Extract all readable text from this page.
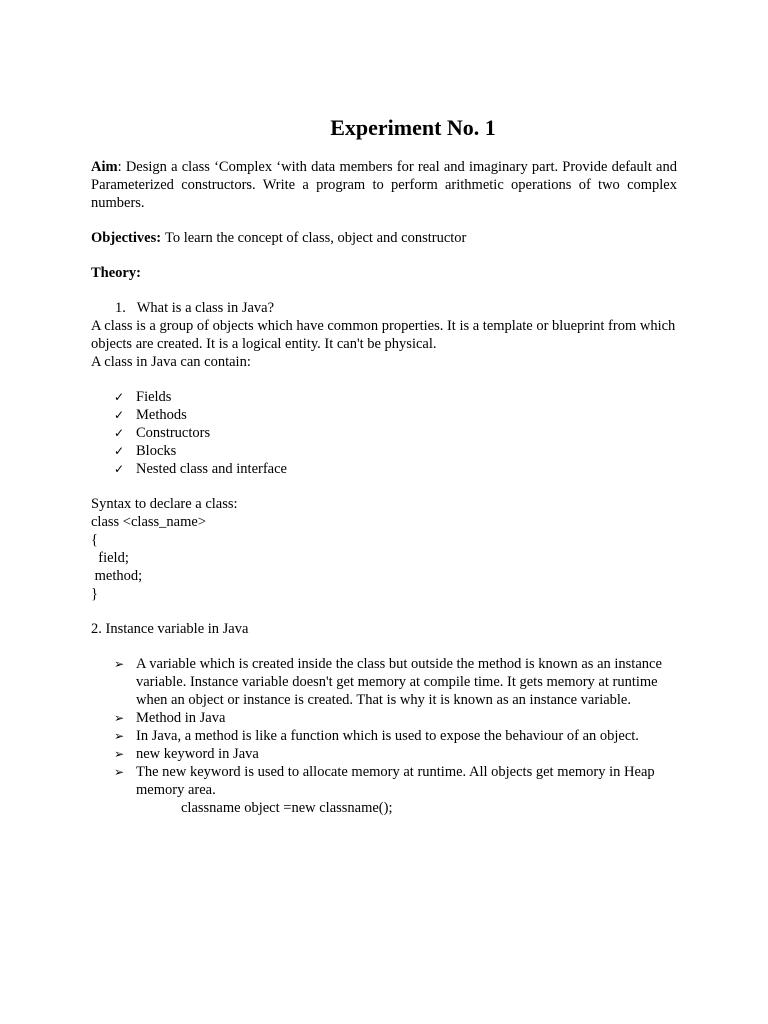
Experiment No. 1

Aim: Design a class ‘Complex ‘with data members for real and imaginary part. Provide default and Parameterized constructors. Write a program to perform arithmetic operations of two complex numbers.

Objectives: To learn the concept of class, object and constructor

Theory:

1. What is a class in Java?

A class is a group of objects which have common properties. It is a template or blueprint from which objects are created. It is a logical entity. It can't be physical.

A class in Java can contain:

✓ Fields
✓ Methods
✓ Constructors
✓ Blocks
✓ Nested class and interface

Syntax to declare a class:

class <class_name>

{

field;

method;

}

2. Instance variable in Java

➢ A variable which is created inside the class but outside the method is known as an instance variable. Instance variable doesn't get memory at compile time. It gets memory at runtime when an object or instance is created. That is why it is known as an instance variable.
➢ Method in Java
➢ In Java, a method is like a function which is used to expose the behaviour of an object.
➢ new keyword in Java
➢ The new keyword is used to allocate memory at runtime. All objects get memory in Heap memory area.

classname object =new classname();
